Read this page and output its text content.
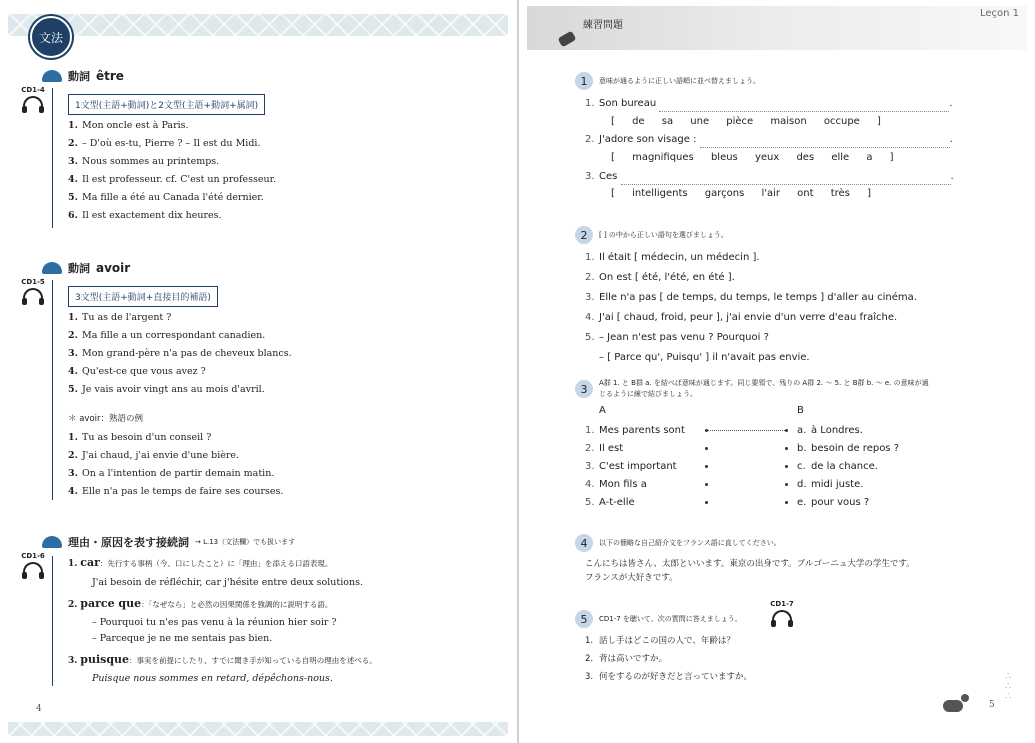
文法
動詞 être
CD1-4
1文型(主語+動詞)と2文型(主語+動詞+属詞)
1. Mon oncle est à Paris.
2. – D'où es-tu, Pierre ? – Il est du Midi.
3. Nous sommes au printemps.
4. Il est professeur. cf. C'est un professeur.
5. Ma fille a été au Canada l'été dernier.
6. Il est exactement dix heures.
動詞 avoir
CD1-5
3文型(主語+動詞+直接目的補語)
1. Tu as de l'argent ?
2. Ma fille a un correspondant canadien.
3. Mon grand-père n'a pas de cheveux blancs.
4. Qu'est-ce que vous avez ?
5. Je vais avoir vingt ans au mois d'avril.
＊ avoir：熟語の例
1. Tu as besoin d'un conseil ?
2. J'ai chaud, j'ai envie d'une bière.
3. On a l'intention de partir demain matin.
4. Elle n'a pas le temps de faire ses courses.
理由・原因を表す接続詞 → L.13（文法欄）でも扱います
CD1-6
1. car：先行する事柄（今、口にしたこと）に「理由」を添える口語表現。
J'ai besoin de réfléchir, car j'hésite entre deux solutions.
2. parce que：「なぜなら」と必然の因果関係を強調的に説明する語。
– Pourquoi tu n'es pas venu à la réunion hier soir ?
– Parceque je ne me sentais pas bien.
3. puisque：事実を前提にしたり、すでに聞き手が知っている自明の理由を述べる。
Puisque nous sommes en retard, dépêchons-nous.
4
練習問題
Leçon 1
1	意味が通るように正しい語順に並べ替えましょう。
1. Son bureau	.
[ de sa une pièce maison occupe ]
2. J'adore son visage :	.
[ magnifiques bleus yeux des elle a ]
3. Ces	.
[ intelligents garçons l'air ont très ]
2	[ ] の中から正しい語句を選びましょう。
1. Il était [ médecin, un médecin ].
2. On est [ été, l'été, en été ].
3. Elle n'a pas [ de temps, du temps, le temps ] d'aller au cinéma.
4. J'ai [ chaud, froid, peur ], j'ai envie d'un verre d'eau fraîche.
5. – Jean n'est pas venu ? Pourquoi ?
– [ Parce qu', Puisqu' ] il n'avait pas envie.
3	A群 1. と B群 a. を結べば意味が通じます。同じ要領で、残りの A群 2. ～ 5. と B群 b. ～ e. の意味が通
じるように線で結びましょう。
A	B
1. Mes parents sont
2. Il est
3. C'est important
4. Mon fils a
5. A-t-elle
a. à Londres.
b. besoin de repos ?
c. de la chance.
d. midi juste.
e. pour vous ?
4	以下の簡略な自己紹介文をフランス語に直してください。
こんにちは皆さん、太郎といいます。東京の出身です。ブルゴーニュ大学の学生です。
フランスが大好きです。
5	CD1-7 を聴いて、次の質問に答えましょう。
CD1-7
1. 話し手はどこの国の人で、年齢は？
2. 背は高いですか。
3. 何をするのが好きだと言っていますか。	∴
∴
∴
5
